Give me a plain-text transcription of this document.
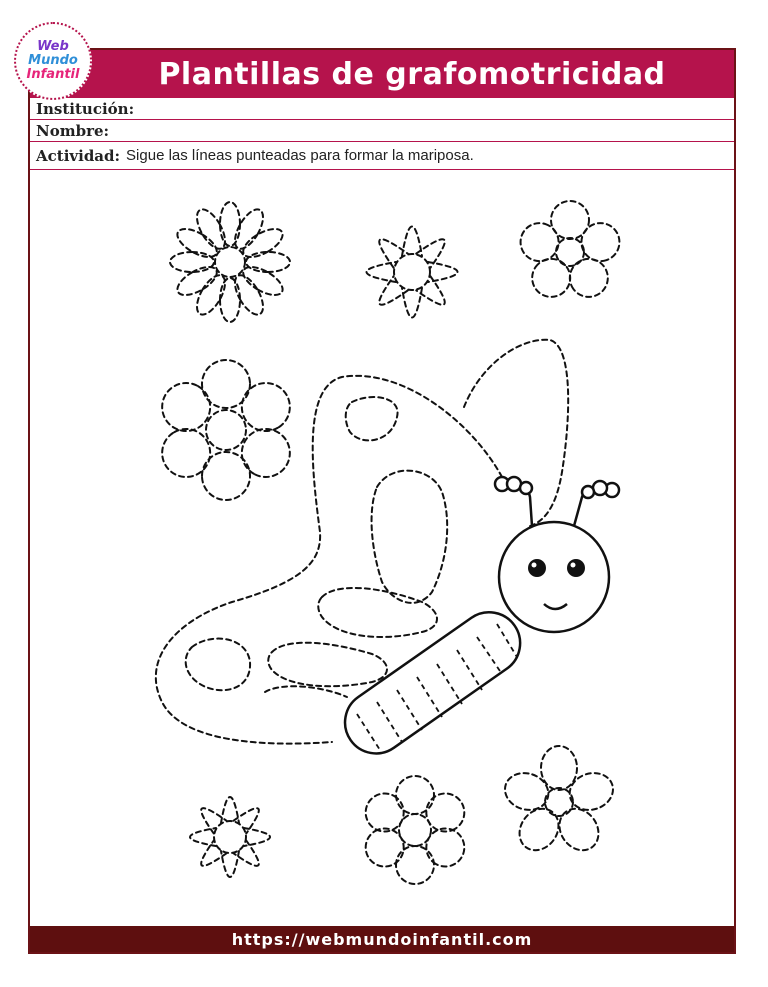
Web
Mundo
Infantil	Plantillas de grafomotricidad
Institución:
Nombre:
Actividad: Sigue las líneas punteadas para formar la mariposa.
https://webmundoinfantil.com
